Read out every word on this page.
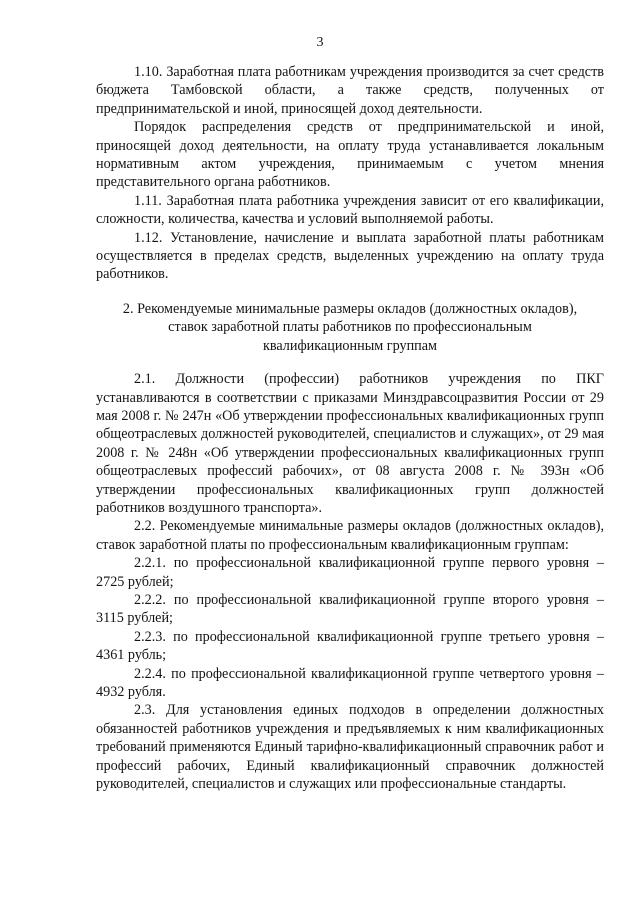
3

1.10. Заработная плата работникам учреждения производится за счет средств бюджета Тамбовской области, а также средств, полученных от предпринимательской и иной, приносящей доход деятельности.

Порядок распределения средств от предпринимательской и иной, приносящей доход деятельности, на оплату труда устанавливается локальным нормативным актом учреждения, принимаемым с учетом мнения представительного органа работников.

1.11. Заработная плата работника учреждения зависит от его квалификации, сложности, количества, качества и условий выполняемой работы.

1.12. Установление, начисление и выплата заработной платы работникам осуществляется в пределах средств, выделенных учреждению на оплату труда работников.

2. Рекомендуемые минимальные размеры окладов (должностных окладов),
ставок заработной платы работников по профессиональным
квалификационным группам

2.1. Должности (профессии) работников учреждения по ПКГ устанавливаются в соответствии с приказами Минздравсоцразвития России от 29 мая 2008 г. № 247н «Об утверждении профессиональных квалификационных групп общеотраслевых должностей руководителей, специалистов и служащих», от 29 мая 2008 г. № 248н «Об утверждении профессиональных квалификационных групп общеотраслевых профессий рабочих», от 08 августа 2008 г. № 393н «Об утверждении профессиональных квалификационных групп должностей работников воздушного транспорта».

2.2. Рекомендуемые минимальные размеры окладов (должностных окладов), ставок заработной платы по профессиональным квалификационным группам:

2.2.1. по профессиональной квалификационной группе первого уровня – 2725 рублей;

2.2.2. по профессиональной квалификационной группе второго уровня – 3115 рублей;

2.2.3. по профессиональной квалификационной группе третьего уровня – 4361 рубль;

2.2.4. по профессиональной квалификационной группе четвертого уровня – 4932 рубля.

2.3. Для установления единых подходов в определении должностных обязанностей работников учреждения и предъявляемых к ним квалификационных требований применяются Единый тарифно-квалификационный справочник работ и профессий рабочих, Единый квалификационный справочник должностей руководителей, специалистов и служащих или профессиональные стандарты.
